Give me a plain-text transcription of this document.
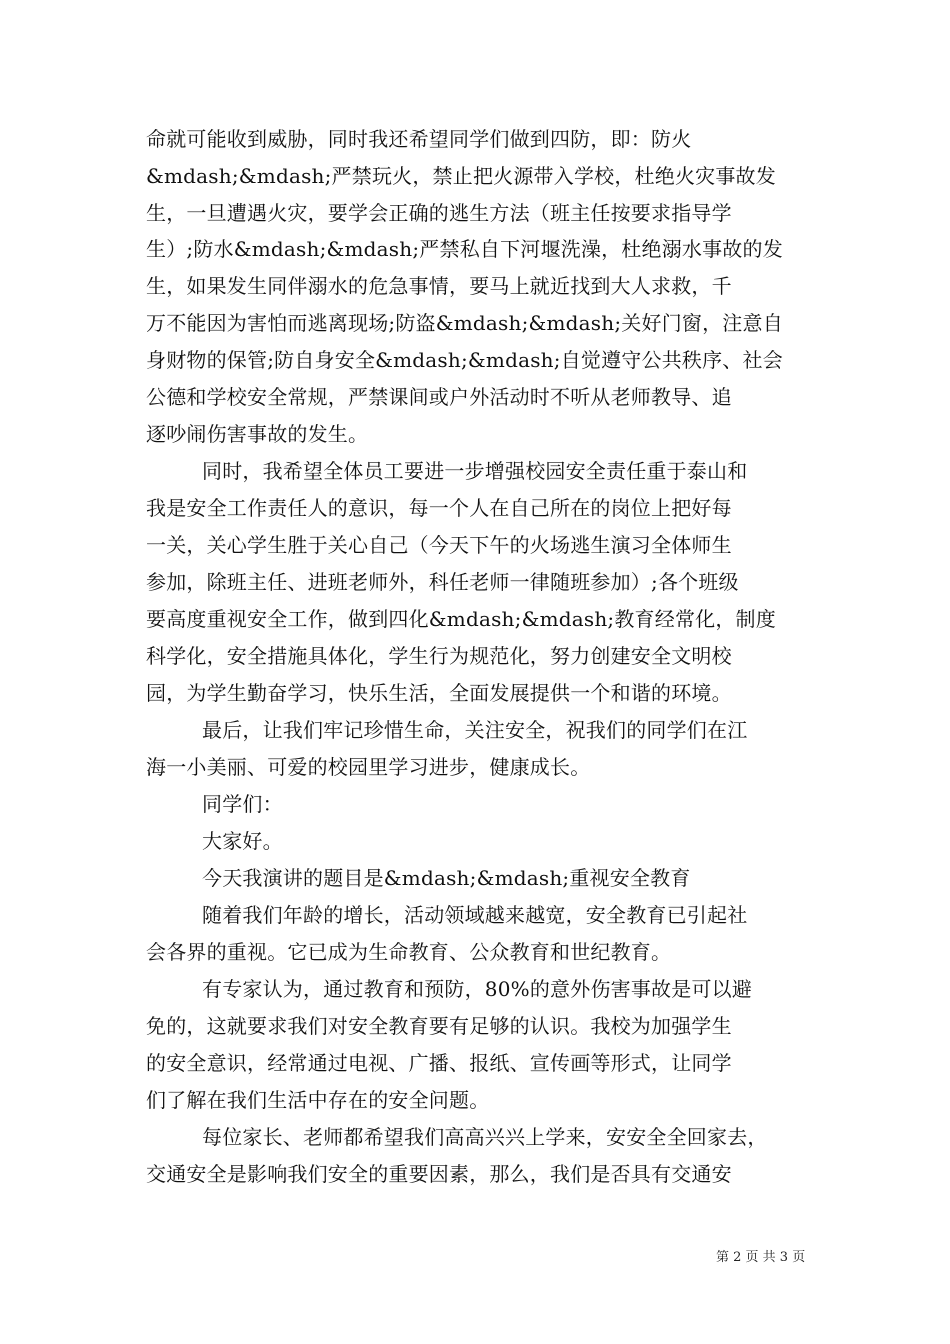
命就可能收到威胁，同时我还希望同学们做到四防，即：防火
&mdash;&mdash;严禁玩火，禁止把火源带入学校，杜绝火灾事故发
生，一旦遭遇火灾，要学会正确的逃生方法（班主任按要求指导学
生）;防水&mdash;&mdash;严禁私自下河堰洗澡，杜绝溺水事故的发
生，如果发生同伴溺水的危急事情，要马上就近找到大人求救，千
万不能因为害怕而逃离现场;防盗&mdash;&mdash;关好门窗，注意自
身财物的保管;防自身安全&mdash;&mdash;自觉遵守公共秩序、社会
公德和学校安全常规，严禁课间或户外活动时不听从老师教导、追
逐吵闹伤害事故的发生。
同时，我希望全体员工要进一步增强校园安全责任重于泰山和
我是安全工作责任人的意识，每一个人在自己所在的岗位上把好每
一关，关心学生胜于关心自己（今天下午的火场逃生演习全体师生
参加，除班主任、进班老师外，科任老师一律随班参加）;各个班级
要高度重视安全工作，做到四化&mdash;&mdash;教育经常化，制度
科学化，安全措施具体化，学生行为规范化，努力创建安全文明校
园，为学生勤奋学习，快乐生活，全面发展提供一个和谐的环境。
最后，让我们牢记珍惜生命，关注安全，祝我们的同学们在江
海一小美丽、可爱的校园里学习进步，健康成长。
同学们：
大家好。
今天我演讲的题目是&mdash;&mdash;重视安全教育
随着我们年龄的增长，活动领域越来越宽，安全教育已引起社
会各界的重视。它已成为生命教育、公众教育和世纪教育。
有专家认为，通过教育和预防，80%的意外伤害事故是可以避
免的，这就要求我们对安全教育要有足够的认识。我校为加强学生
的安全意识，经常通过电视、广播、报纸、宣传画等形式，让同学
们了解在我们生活中存在的安全问题。
每位家长、老师都希望我们高高兴兴上学来，安安全全回家去，
交通安全是影响我们安全的重要因素，那么，我们是否具有交通安
第 2 页 共 3 页
